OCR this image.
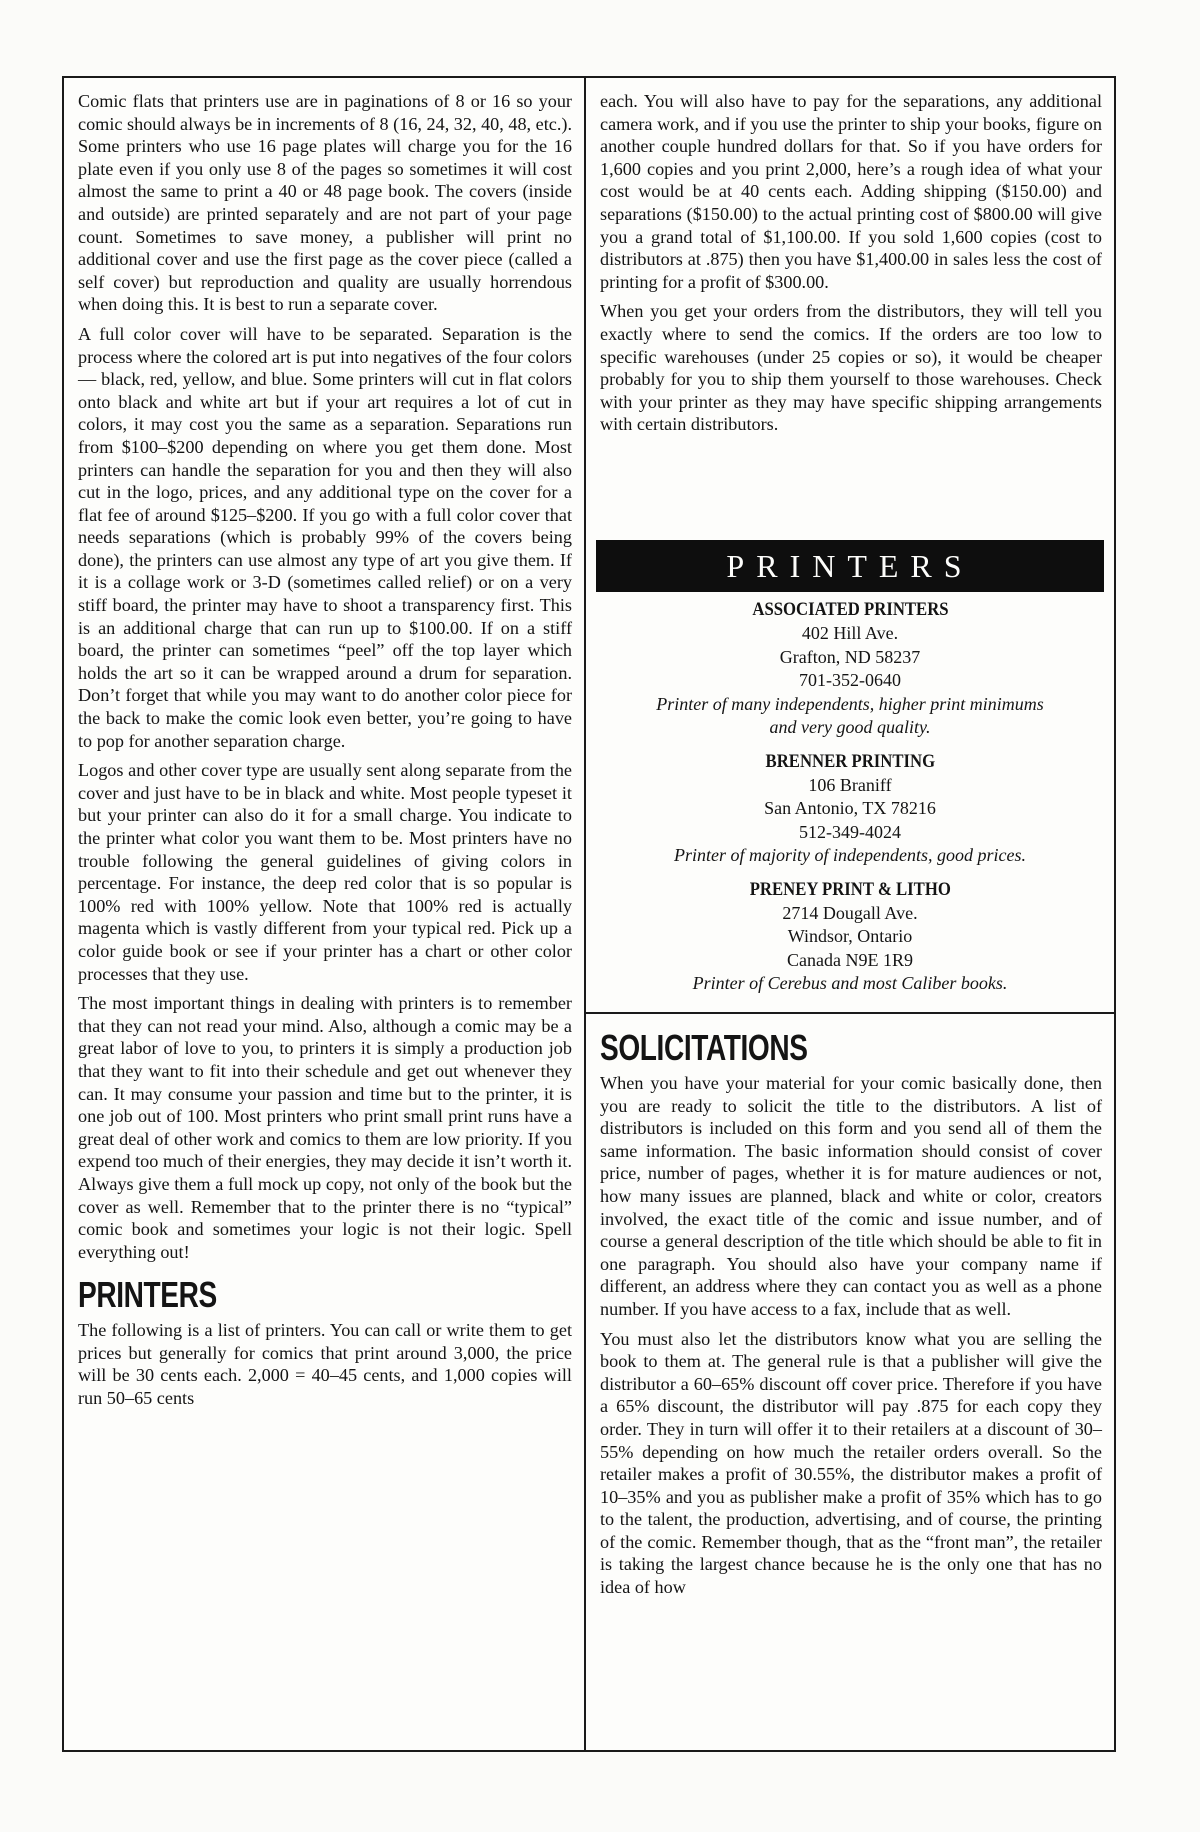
Comic flats that printers use are in paginations of 8 or 16 so your comic should always be in increments of 8 (16, 24, 32, 40, 48, etc.). Some printers who use 16 page plates will charge you for the 16 plate even if you only use 8 of the pages so sometimes it will cost almost the same to print a 40 or 48 page book. The covers (inside and outside) are printed separately and are not part of your page count. Sometimes to save money, a publisher will print no additional cover and use the first page as the cover piece (called a self cover) but reproduction and quality are usually horrendous when doing this. It is best to run a separate cover.

A full color cover will have to be separated. Separation is the process where the colored art is put into negatives of the four colors — black, red, yellow, and blue. Some printers will cut in flat colors onto black and white art but if your art requires a lot of cut in colors, it may cost you the same as a separation. Separations run from $100–$200 depending on where you get them done. Most printers can handle the separation for you and then they will also cut in the logo, prices, and any additional type on the cover for a flat fee of around $125–$200. If you go with a full color cover that needs separations (which is probably 99% of the covers being done), the printers can use almost any type of art you give them. If it is a collage work or 3-D (sometimes called relief) or on a very stiff board, the printer may have to shoot a transparency first. This is an additional charge that can run up to $100.00. If on a stiff board, the printer can sometimes “peel” off the top layer which holds the art so it can be wrapped around a drum for separation. Don’t forget that while you may want to do another color piece for the back to make the comic look even better, you’re going to have to pop for another separation charge.

Logos and other cover type are usually sent along separate from the cover and just have to be in black and white. Most people typeset it but your printer can also do it for a small charge. You indicate to the printer what color you want them to be. Most printers have no trouble following the general guidelines of giving colors in percentage. For instance, the deep red color that is so popular is 100% red with 100% yellow. Note that 100% red is actually magenta which is vastly different from your typical red. Pick up a color guide book or see if your printer has a chart or other color processes that they use.

The most important things in dealing with printers is to remember that they can not read your mind. Also, although a comic may be a great labor of love to you, to printers it is simply a production job that they want to fit into their schedule and get out whenever they can. It may consume your passion and time but to the printer, it is one job out of 100. Most printers who print small print runs have a great deal of other work and comics to them are low priority. If you expend too much of their energies, they may decide it isn’t worth it. Always give them a full mock up copy, not only of the book but the cover as well. Remember that to the printer there is no “typical” comic book and sometimes your logic is not their logic. Spell everything out!

PRINTERS

The following is a list of printers. You can call or write them to get prices but generally for comics that print around 3,000, the price will be 30 cents each. 2,000 = 40–45 cents, and 1,000 copies will run 50–65 cents

each. You will also have to pay for the separations, any additional camera work, and if you use the printer to ship your books, figure on another couple hundred dollars for that. So if you have orders for 1,600 copies and you print 2,000, here’s a rough idea of what your cost would be at 40 cents each. Adding shipping ($150.00) and separations ($150.00) to the actual printing cost of $800.00 will give you a grand total of $1,100.00. If you sold 1,600 copies (cost to distributors at .875) then you have $1,400.00 in sales less the cost of printing for a profit of $300.00.

When you get your orders from the distributors, they will tell you exactly where to send the comics. If the orders are too low to specific warehouses (under 25 copies or so), it would be cheaper probably for you to ship them yourself to those warehouses. Check with your printer as they may have specific shipping arrangements with certain distributors.

PRINTERS
ASSOCIATED PRINTERS
402 Hill Ave.
Grafton, ND 58237
701-352-0640
Printer of many independents, higher print minimums and very good quality.
BRENNER PRINTING
106 Braniff
San Antonio, TX 78216
512-349-4024
Printer of majority of independents, good prices.
PRENEY PRINT & LITHO
2714 Dougall Ave.
Windsor, Ontario
Canada N9E 1R9
Printer of Cerebus and most Caliber books.
SOLICITATIONS

When you have your material for your comic basically done, then you are ready to solicit the title to the distributors. A list of distributors is included on this form and you send all of them the same information. The basic information should consist of cover price, number of pages, whether it is for mature audiences or not, how many issues are planned, black and white or color, creators involved, the exact title of the comic and issue number, and of course a general description of the title which should be able to fit in one paragraph. You should also have your company name if different, an address where they can contact you as well as a phone number. If you have access to a fax, include that as well.

You must also let the distributors know what you are selling the book to them at. The general rule is that a publisher will give the distributor a 60–65% discount off cover price. Therefore if you have a 65% discount, the distributor will pay .875 for each copy they order. They in turn will offer it to their retailers at a discount of 30–55% depending on how much the retailer orders overall. So the retailer makes a profit of 30.55%, the distributor makes a profit of 10–35% and you as publisher make a profit of 35% which has to go to the talent, the production, advertising, and of course, the printing of the comic. Remember though, that as the “front man”, the retailer is taking the largest chance because he is the only one that has no idea of how
